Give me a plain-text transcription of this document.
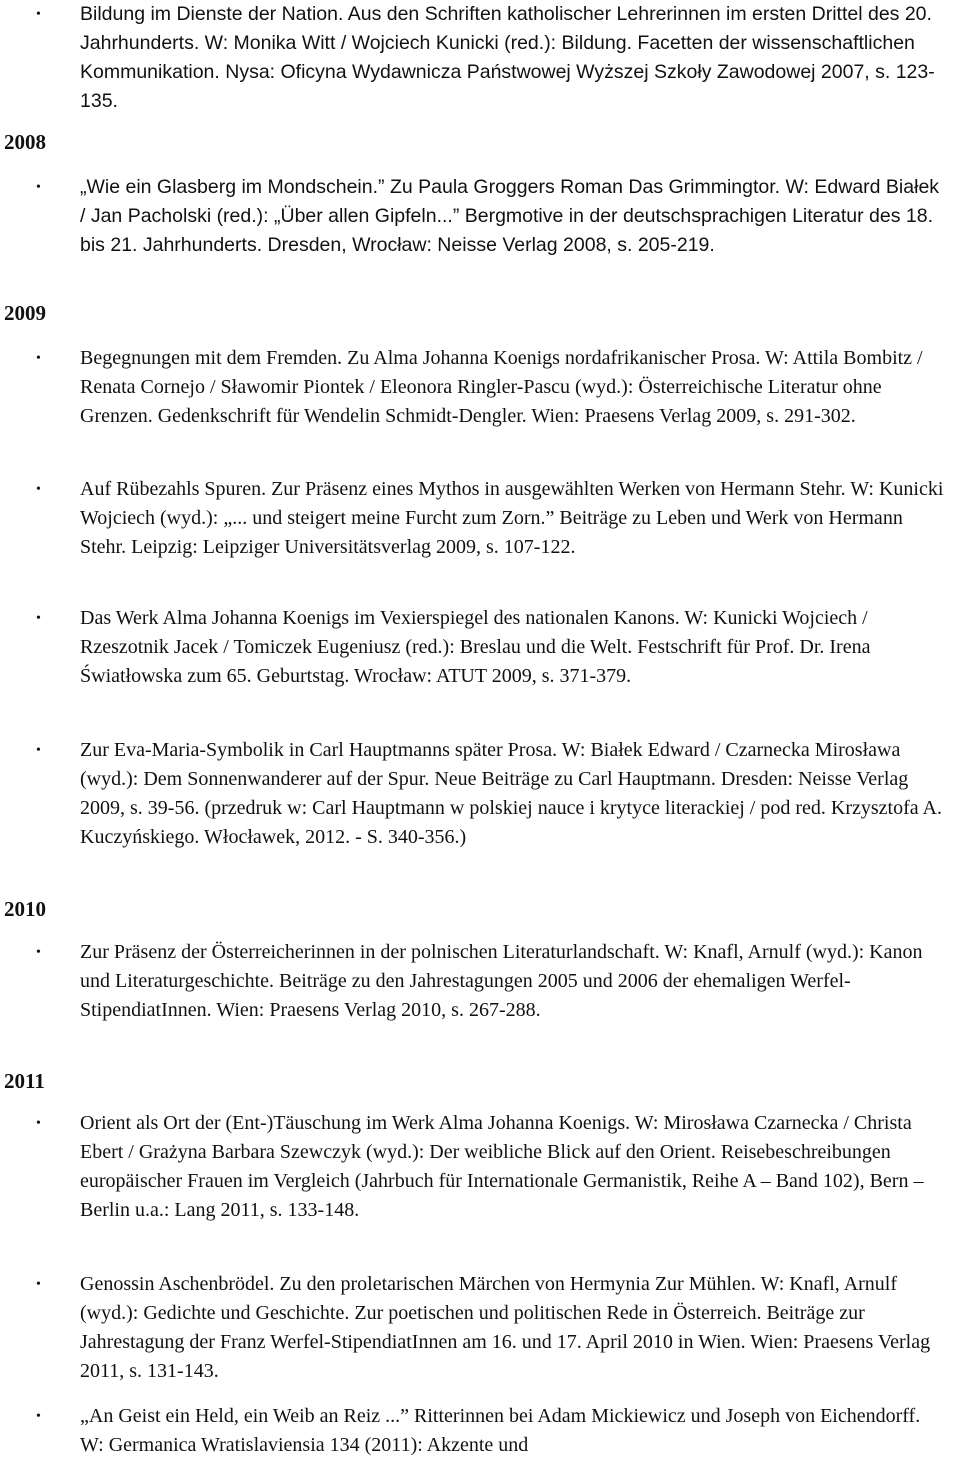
2008
2009
2010
2011
• Bildung im Dienste der Nation. Aus den Schriften katholischer Lehrerinnen im ersten Drittel des 20. Jahrhunderts. W: Monika Witt / Wojciech Kunicki (red.): Bildung. Facetten der wissenschaftlichen Kommunikation. Nysa: Oficyna Wydawnicza Państwowej Wyższej Szkoły Zawodowej 2007, s. 123-135.
• „Wie ein Glasberg im Mondschein.” Zu Paula Groggers Roman Das Grimmingtor. W: Edward Białek / Jan Pacholski (red.): „Über allen Gipfeln...” Bergmotive in der deutschsprachigen Literatur des 18. bis 21. Jahrhunderts. Dresden, Wrocław: Neisse Verlag 2008, s. 205-219.
• Begegnungen mit dem Fremden. Zu Alma Johanna Koenigs nordafrikanischer Prosa. W: Attila Bombitz / Renata Cornejo / Sławomir Piontek / Eleonora Ringler-Pascu (wyd.): Österreichische Literatur ohne Grenzen. Gedenkschrift für Wendelin Schmidt-Dengler. Wien: Praesens Verlag 2009, s. 291-302.
• Auf Rübezahls Spuren. Zur Präsenz eines Mythos in ausgewählten Werken von Hermann Stehr. W: Kunicki Wojciech (wyd.): „... und steigert meine Furcht zum Zorn.” Beiträge zu Leben und Werk von Hermann Stehr. Leipzig: Leipziger Universitätsverlag 2009, s. 107-122.
• Das Werk Alma Johanna Koenigs im Vexierspiegel des nationalen Kanons. W: Kunicki Wojciech / Rzeszotnik Jacek / Tomiczek Eugeniusz (red.): Breslau und die Welt. Festschrift für Prof. Dr. Irena Światłowska zum 65. Geburtstag. Wrocław: ATUT 2009, s. 371-379.
• Zur Eva-Maria-Symbolik in Carl Hauptmanns später Prosa. W: Białek Edward / Czarnecka Mirosława (wyd.): Dem Sonnenwanderer auf der Spur. Neue Beiträge zu Carl Hauptmann. Dresden: Neisse Verlag 2009, s. 39-56. (przedruk w: Carl Hauptmann w polskiej nauce i krytyce literackiej / pod red. Krzysztofa A. Kuczyńskiego. Włocławek, 2012. - S. 340-356.)
• Zur Präsenz der Österreicherinnen in der polnischen Literaturlandschaft. W: Knafl, Arnulf (wyd.): Kanon und Literaturgeschichte. Beiträge zu den Jahrestagungen 2005 und 2006 der ehemaligen Werfel-StipendiatInnen. Wien: Praesens Verlag 2010, s. 267-288.
• Orient als Ort der (Ent-)Täuschung im Werk Alma Johanna Koenigs. W: Mirosława Czarnecka / Christa Ebert / Grażyna Barbara Szewczyk (wyd.): Der weibliche Blick auf den Orient. Reisebeschreibungen europäischer Frauen im Vergleich (Jahrbuch für Internationale Germanistik, Reihe A – Band 102), Bern – Berlin u.a.: Lang 2011, s. 133-148.
• Genossin Aschenbrödel. Zu den proletarischen Märchen von Hermynia Zur Mühlen. W: Knafl, Arnulf (wyd.): Gedichte und Geschichte. Zur poetischen und politischen Rede in Österreich. Beiträge zur Jahrestagung der Franz Werfel-StipendiatInnen am 16. und 17. April 2010 in Wien. Wien: Praesens Verlag 2011, s. 131-143.
• „An Geist ein Held, ein Weib an Reiz ...” Ritterinnen bei Adam Mickiewicz und Joseph von Eichendorff. W: Germanica Wratislaviensia 134 (2011): Akzente und
